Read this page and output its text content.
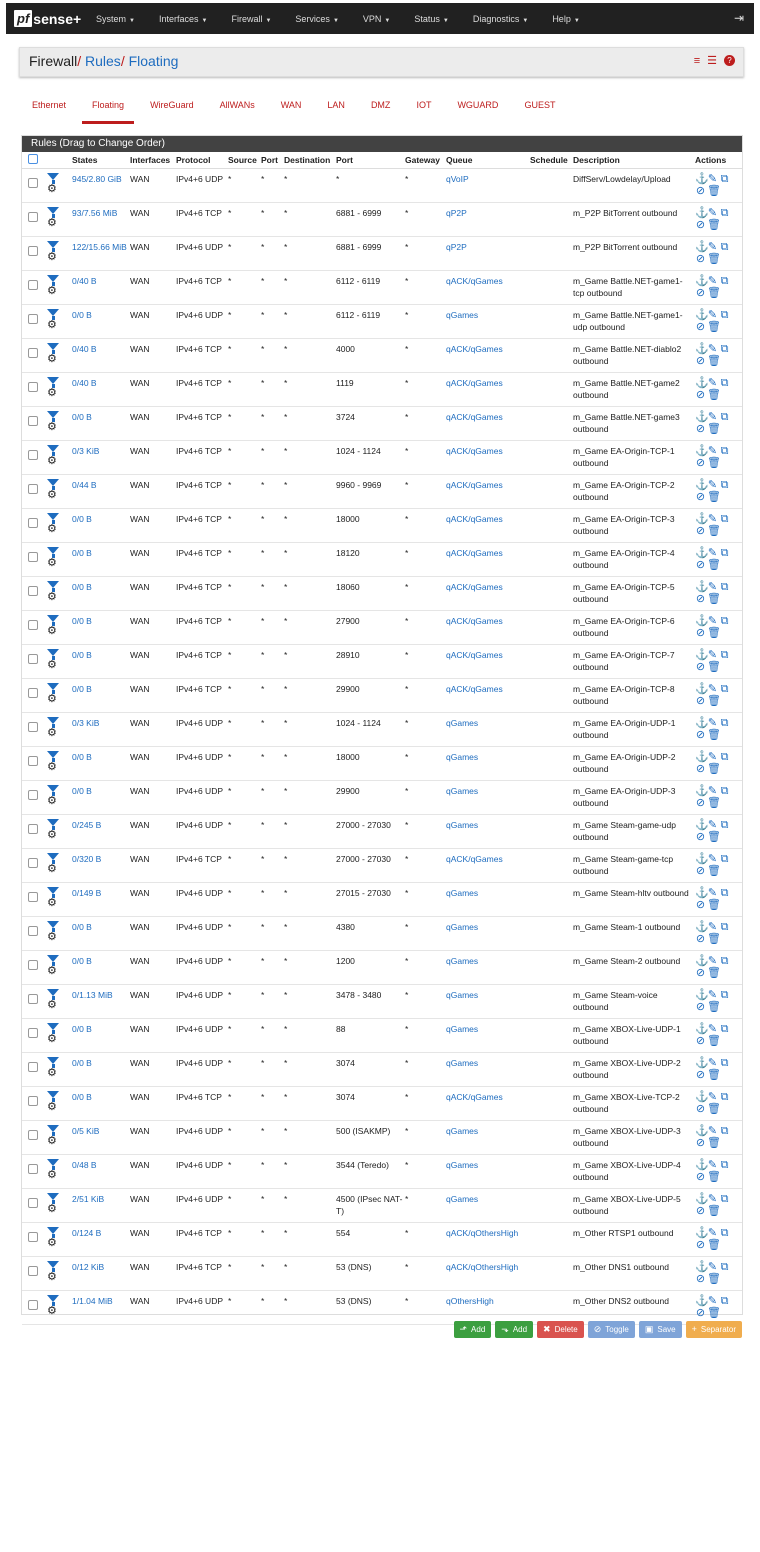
pf sense+ System ▼	Interfaces ▼	Firewall ▼	Services ▼	VPN ▼	Status ▼	Diagnostics ▼	Help ▼	⇥
Firewall/ Rules/ Floating	≡ ☰	?
Ethernet	Floating	WireGuard	AllWANs	WAN	LAN	DMZ	IOT	WGUARD	GUEST
Rules (Drag to Change Order)
		States	Interfaces	Protocol	Source	Port	Destination	Port	Gateway	Queue	Schedule	Description	Actions

	⚙	945/2.80 GiB	WAN	IPv4+6 UDP	*	*	*	*	*	qVoIP		DiffServ/Lowdelay/Upload	⚓✎ ⧉
⊘🗑

	⚙	93/7.56 MiB	WAN	IPv4+6 TCP	*	*	*	6881 - 6999	*	qP2P		m_P2P BitTorrent outbound	⚓✎ ⧉
⊘🗑

	⚙	122/15.66 MiB	WAN	IPv4+6 UDP	*	*	*	6881 - 6999	*	qP2P		m_P2P BitTorrent outbound	⚓✎ ⧉
⊘🗑

	⚙	0/40 B	WAN	IPv4+6 TCP	*	*	*	6112 - 6119	*	qACK/qGames		m_Game Battle.NET-game1-tcp outbound	⚓✎ ⧉
⊘🗑

	⚙	0/0 B	WAN	IPv4+6 UDP	*	*	*	6112 - 6119	*	qGames		m_Game Battle.NET-game1-udp outbound	⚓✎ ⧉
⊘🗑

	⚙	0/40 B	WAN	IPv4+6 TCP	*	*	*	4000	*	qACK/qGames		m_Game Battle.NET-diablo2 outbound	⚓✎ ⧉
⊘🗑

	⚙	0/40 B	WAN	IPv4+6 TCP	*	*	*	1119	*	qACK/qGames		m_Game Battle.NET-game2 outbound	⚓✎ ⧉
⊘🗑

	⚙	0/0 B	WAN	IPv4+6 TCP	*	*	*	3724	*	qACK/qGames		m_Game Battle.NET-game3 outbound	⚓✎ ⧉
⊘🗑

	⚙	0/3 KiB	WAN	IPv4+6 TCP	*	*	*	1024 - 1124	*	qACK/qGames		m_Game EA-Origin-TCP-1 outbound	⚓✎ ⧉
⊘🗑

	⚙	0/44 B	WAN	IPv4+6 TCP	*	*	*	9960 - 9969	*	qACK/qGames		m_Game EA-Origin-TCP-2 outbound	⚓✎ ⧉
⊘🗑

	⚙	0/0 B	WAN	IPv4+6 TCP	*	*	*	18000	*	qACK/qGames		m_Game EA-Origin-TCP-3 outbound	⚓✎ ⧉
⊘🗑

	⚙	0/0 B	WAN	IPv4+6 TCP	*	*	*	18120	*	qACK/qGames		m_Game EA-Origin-TCP-4 outbound	⚓✎ ⧉
⊘🗑

	⚙	0/0 B	WAN	IPv4+6 TCP	*	*	*	18060	*	qACK/qGames		m_Game EA-Origin-TCP-5 outbound	⚓✎ ⧉
⊘🗑

	⚙	0/0 B	WAN	IPv4+6 TCP	*	*	*	27900	*	qACK/qGames		m_Game EA-Origin-TCP-6 outbound	⚓✎ ⧉
⊘🗑

	⚙	0/0 B	WAN	IPv4+6 TCP	*	*	*	28910	*	qACK/qGames		m_Game EA-Origin-TCP-7 outbound	⚓✎ ⧉
⊘🗑

	⚙	0/0 B	WAN	IPv4+6 TCP	*	*	*	29900	*	qACK/qGames		m_Game EA-Origin-TCP-8 outbound	⚓✎ ⧉
⊘🗑

	⚙	0/3 KiB	WAN	IPv4+6 UDP	*	*	*	1024 - 1124	*	qGames		m_Game EA-Origin-UDP-1 outbound	⚓✎ ⧉
⊘🗑

	⚙	0/0 B	WAN	IPv4+6 UDP	*	*	*	18000	*	qGames		m_Game EA-Origin-UDP-2 outbound	⚓✎ ⧉
⊘🗑

	⚙	0/0 B	WAN	IPv4+6 UDP	*	*	*	29900	*	qGames		m_Game EA-Origin-UDP-3 outbound	⚓✎ ⧉
⊘🗑

	⚙	0/245 B	WAN	IPv4+6 UDP	*	*	*	27000 - 27030	*	qGames		m_Game Steam-game-udp outbound	⚓✎ ⧉
⊘🗑

	⚙	0/320 B	WAN	IPv4+6 TCP	*	*	*	27000 - 27030	*	qACK/qGames		m_Game Steam-game-tcp outbound	⚓✎ ⧉
⊘🗑

	⚙	0/149 B	WAN	IPv4+6 UDP	*	*	*	27015 - 27030	*	qGames		m_Game Steam-hltv outbound	⚓✎ ⧉
⊘🗑

	⚙	0/0 B	WAN	IPv4+6 UDP	*	*	*	4380	*	qGames		m_Game Steam-1 outbound	⚓✎ ⧉
⊘🗑

	⚙	0/0 B	WAN	IPv4+6 UDP	*	*	*	1200	*	qGames		m_Game Steam-2 outbound	⚓✎ ⧉
⊘🗑

	⚙	0/1.13 MiB	WAN	IPv4+6 UDP	*	*	*	3478 - 3480	*	qGames		m_Game Steam-voice outbound	⚓✎ ⧉
⊘🗑

	⚙	0/0 B	WAN	IPv4+6 UDP	*	*	*	88	*	qGames		m_Game XBOX-Live-UDP-1 outbound	⚓✎ ⧉
⊘🗑

	⚙	0/0 B	WAN	IPv4+6 UDP	*	*	*	3074	*	qGames		m_Game XBOX-Live-UDP-2 outbound	⚓✎ ⧉
⊘🗑

	⚙	0/0 B	WAN	IPv4+6 TCP	*	*	*	3074	*	qACK/qGames		m_Game XBOX-Live-TCP-2 outbound	⚓✎ ⧉
⊘🗑

	⚙	0/5 KiB	WAN	IPv4+6 UDP	*	*	*	500 (ISAKMP)	*	qGames		m_Game XBOX-Live-UDP-3 outbound	⚓✎ ⧉
⊘🗑

	⚙	0/48 B	WAN	IPv4+6 UDP	*	*	*	3544 (Teredo)	*	qGames		m_Game XBOX-Live-UDP-4 outbound	⚓✎ ⧉
⊘🗑

	⚙	2/51 KiB	WAN	IPv4+6 UDP	*	*	*	4500 (IPsec NAT-T)	*	qGames		m_Game XBOX-Live-UDP-5 outbound	⚓✎ ⧉
⊘🗑

	⚙	0/124 B	WAN	IPv4+6 TCP	*	*	*	554	*	qACK/qOthersHigh		m_Other RTSP1 outbound	⚓✎ ⧉
⊘🗑

	⚙	0/12 KiB	WAN	IPv4+6 TCP	*	*	*	53 (DNS)	*	qACK/qOthersHigh		m_Other DNS1 outbound	⚓✎ ⧉
⊘🗑

	⚙	1/1.04 MiB	WAN	IPv4+6 UDP	*	*	*	53 (DNS)	*	qOthersHigh		m_Other DNS2 outbound	⚓✎ ⧉
⊘🗑
⬏ Add	⬎ Add	✖ Delete	⊘ Toggle	▣ Save	+ Separator
